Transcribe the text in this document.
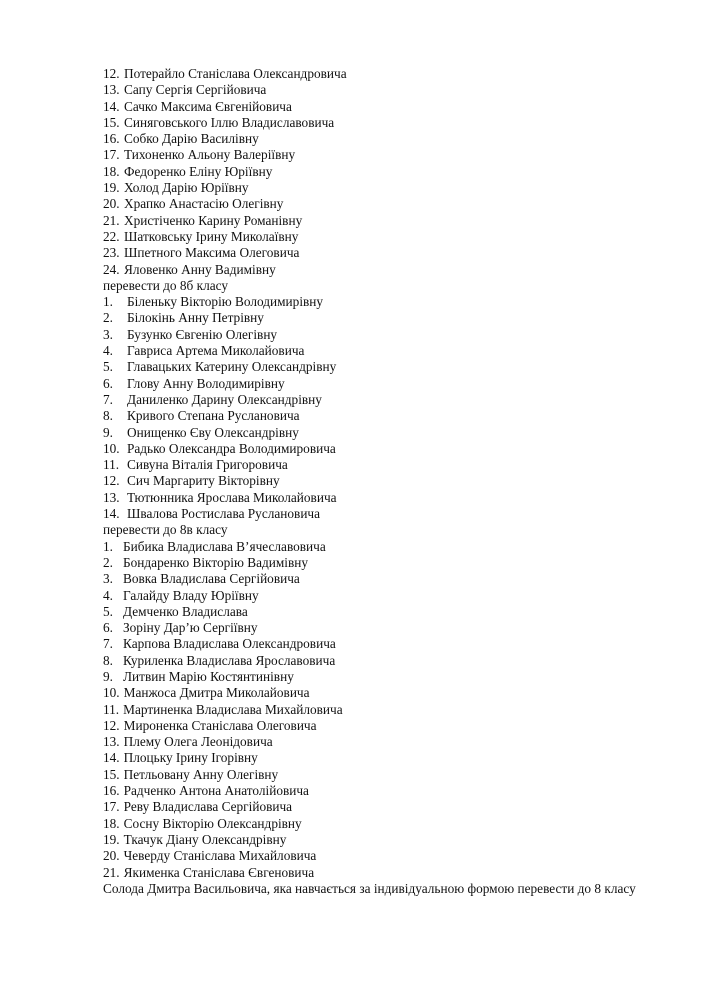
12. Потерайло Станіслава Олександровича
13. Сапу Сергія Сергійовича
14. Сачко Максима Євгенійовича
15. Синяговського Іллю Владиславовича
16. Собко Дарію Василівну
17. Тихоненко Альону Валеріївну
18. Федоренко Еліну Юріївну
19. Холод Дарію Юріївну
20. Храпко Анастасію Олегівну
21. Христіченко Карину Романівну
22. Шатковську Ірину Миколаївну
23. Шпетного Максима Олеговича
24. Яловенко Анну Вадимівну
перевести до 8б класу
1.	Біленьку Вікторію Володимирівну
2.	Білокінь Анну Петрівну
3.	Бузунко Євгенію Олегівну
4.	Гавриса Артема Миколайовича
5.	Главацьких Катерину Олександрівну
6.	Глову Анну Володимирівну
7.	Даниленко Дарину Олександрівну
8.	Кривого Степана Руслановича
9.	Онищенко Єву Олександрівну
10. Радько Олександра Володимировича
11. Сивуна Віталія Григоровича
12. Сич Маргариту Вікторівну
13. Тютюнника Ярослава Миколайовича
14. Швалова Ростислава Руслановича
перевести до 8в класу
1. Бибика Владислава В’ячеславовича
2. Бондаренко Вікторію Вадимівну
3. Вовка Владислава Сергійовича
4. Галайду Владу Юріївну
5. Демченко Владислава
6. Зоріну Дар’ю Сергіївну
7. Карпова Владислава Олександровича
8. Куриленка Владислава Ярославовича
9. Литвин Марію Костянтинівну
10. Манжоса Дмитра Миколайовича
11. Мартиненка Владислава Михайловича
12. Мироненка Станіслава Олеговича
13. Плему Олега Леонідовича
14. Плоцьку Ірину Ігорівну
15. Петльовану Анну Олегівну
16. Радченко Антона Анатолійовича
17. Реву Владислава Сергійовича
18. Сосну Вікторію Олександрівну
19. Ткачук Діану Олександрівну
20. Чеверду Станіслава Михайловича
21. Якименка Станіслава Євгеновича
Солода Дмитра Васильовича, яка навчається за індивідуальною формою перевести до 8 класу
